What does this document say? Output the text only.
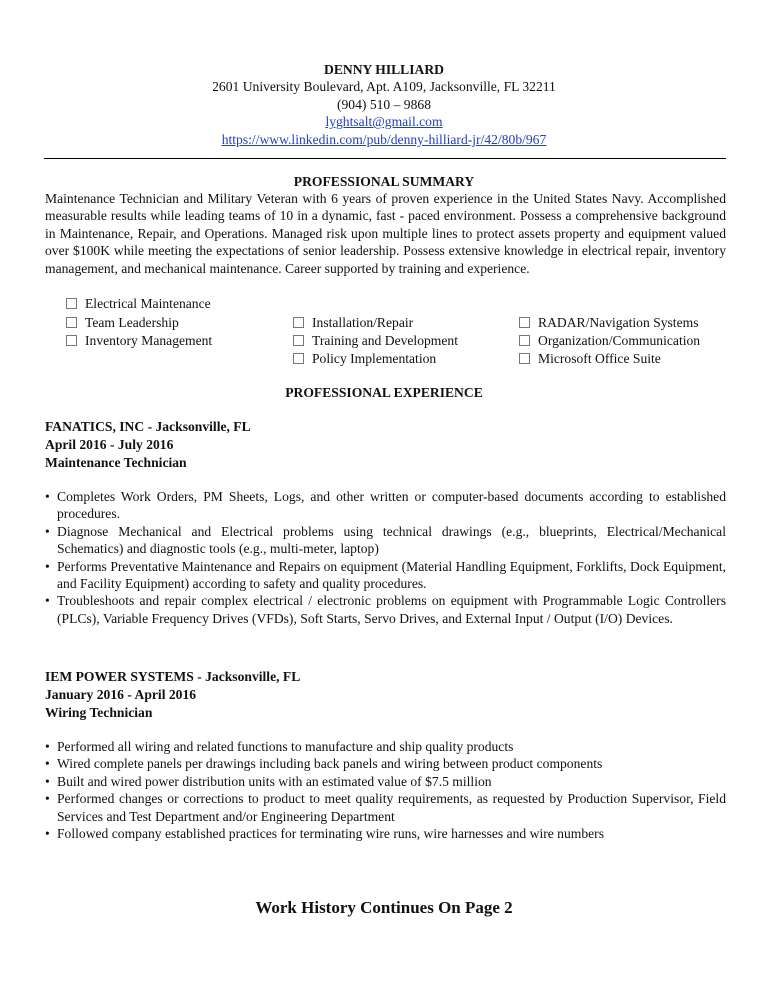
DENNY HILLIARD
2601 University Boulevard, Apt. A109, Jacksonville, FL 32211
(904) 510 – 9868
lyghtsalt@gmail.com
https://www.linkedin.com/pub/denny-hilliard-jr/42/80b/967
PROFESSIONAL SUMMARY
Maintenance Technician and Military Veteran with 6 years of proven experience in the United States Navy. Accomplished measurable results while leading teams of 10 in a dynamic, fast - paced environment. Possess a comprehensive background in Maintenance, Repair, and Operations. Managed risk upon multiple lines to protect assets property and equipment valued over $100K while meeting the expectations of senior leadership. Possess extensive knowledge in electrical repair, inventory management, and mechanical maintenance. Career supported by training and experience.
Electrical Maintenance
Team Leadership
Inventory Management
Installation/Repair
Training and Development
Policy Implementation
RADAR/Navigation Systems
Organization/Communication
Microsoft Office Suite
PROFESSIONAL EXPERIENCE
FANATICS, INC - Jacksonville, FL
April 2016 - July 2016
Maintenance Technician
• Completes Work Orders, PM Sheets, Logs, and other written or computer-based documents according to established procedures.
• Diagnose Mechanical and Electrical problems using technical drawings (e.g., blueprints, Electrical/Mechanical Schematics) and diagnostic tools (e.g., multi-meter, laptop)
• Performs Preventative Maintenance and Repairs on equipment (Material Handling Equipment, Forklifts, Dock Equipment, and Facility Equipment) according to safety and quality procedures.
• Troubleshoots and repair complex electrical / electronic problems on equipment with Programmable Logic Controllers (PLCs), Variable Frequency Drives (VFDs), Soft Starts, Servo Drives, and External Input / Output (I/O) Devices.
IEM POWER SYSTEMS - Jacksonville, FL
January 2016 - April 2016
Wiring Technician
• Performed all wiring and related functions to manufacture and ship quality products
• Wired complete panels per drawings including back panels and wiring between product components
• Built and wired power distribution units with an estimated value of $7.5 million
• Performed changes or corrections to product to meet quality requirements, as requested by Production Supervisor, Field Services and Test Department and/or Engineering Department
• Followed company established practices for terminating wire runs, wire harnesses and wire numbers
Work History Continues On Page 2
